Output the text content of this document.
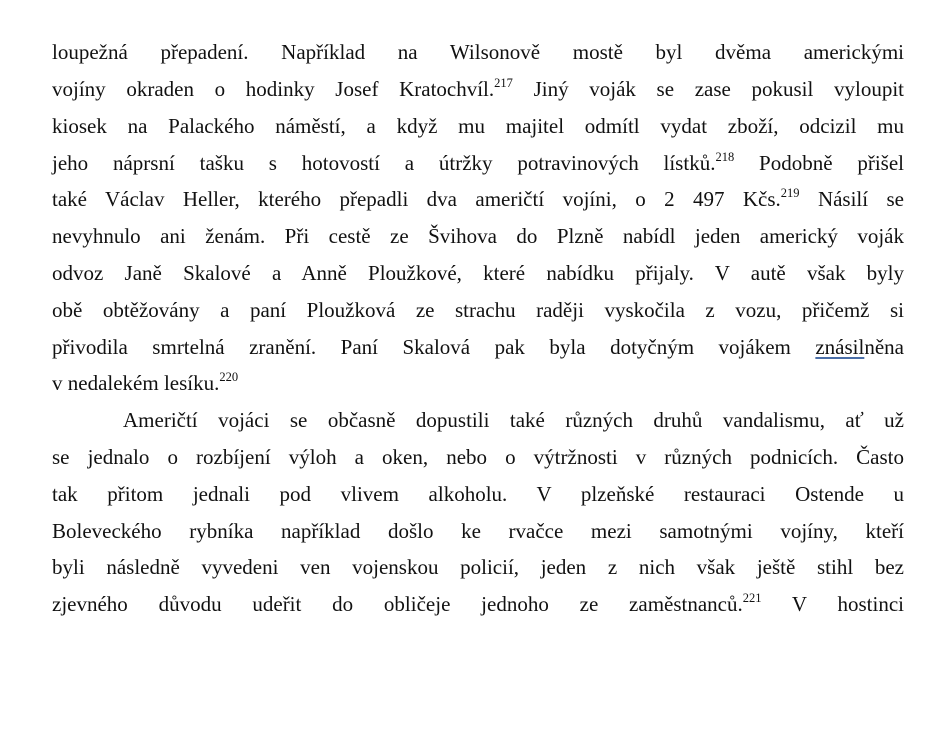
loupežná přepadení. Například na Wilsonově mostě byl dvěma americkými
vojíny okraden o hodinky Josef Kratochvíl.$^{217}$ Jiný voják se zase pokusil vyloupit
kiosek na Palackého náměstí, a když mu majitel odmítl vydat zboží, odcizil mu
jeho náprsní tašku s hotovostí a útržky potravinových lístků.$^{218}$ Podobně přišel
také Václav Heller, kterého přepadli dva američtí vojíni, o 2 497 Kčs.$^{219}$ Násilí se
nevyhnulo ani ženám. Při cestě ze Švihova do Plzně nabídl jeden americký voják
odvoz Janě Skalové a Anně Ploužkové, které nabídku přijaly. V autě však byly
obě obtěžovány a paní Ploužková ze strachu raději vyskočila z vozu, přičemž si
přivodila smrtelná zranění. Paní Skalová pak byla dotyčným vojákem znásilněna
v nedalekém lesíku.$^{220}$
Američtí vojáci se občasně dopustili také různých druhů vandalismu, ať už
se jednalo o rozbíjení výloh a oken, nebo o výtržnosti v různých podnicích. Často
tak přitom jednali pod vlivem alkoholu. V plzeňské restauraci Ostende u
Boleveckého rybníka například došlo ke rvačce mezi samotnými vojíny, kteří
byli následně vyvedeni ven vojenskou policií, jeden z nich však ještě stihl bez
zjevného důvodu udeřit do obličeje jednoho ze zaměstnanců.$^{221}$ V hostinci
